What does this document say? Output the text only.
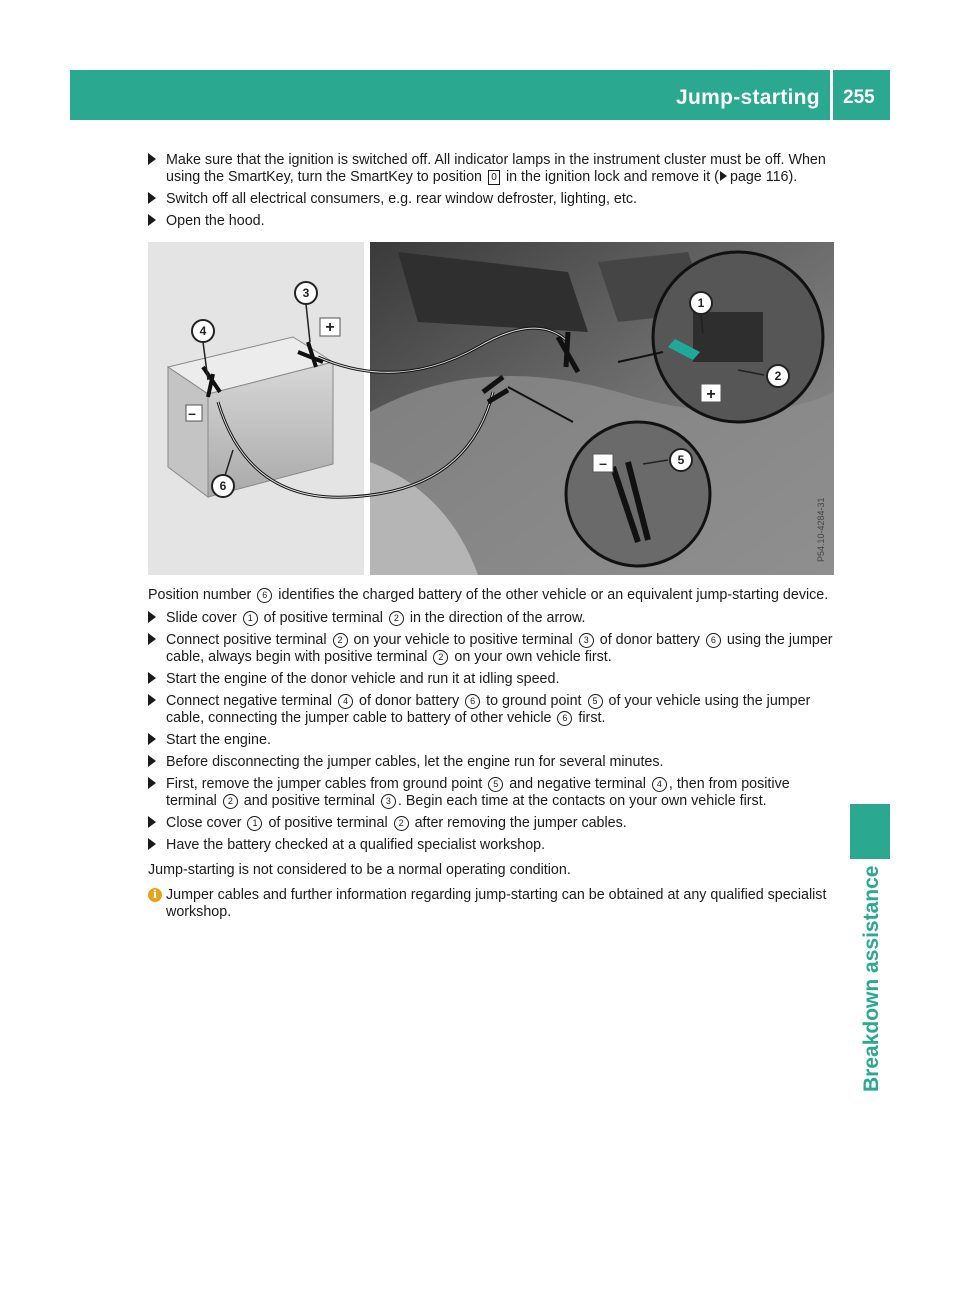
Jump-starting 255
Breakdown assistance
Make sure that the ignition is switched off. All indicator lamps in the instrument cluster must be off. When using the SmartKey, turn the SmartKey to position 0 in the ignition lock and remove it ( page 116).
Switch off all electrical consumers, e.g. rear window defroster, lighting, etc.
Open the hood.
–
+
+
–
P54.10-4284-31
1
2
3
4
5
6

Position number 6 identifies the charged battery of the other vehicle or an equivalent jump-starting device.

Slide cover 1 of positive terminal 2 in the direction of the arrow.
Connect positive terminal 2 on your vehicle to positive terminal 3 of donor battery 6 using the jumper cable, always begin with positive terminal 2 on your own vehicle first.
Start the engine of the donor vehicle and run it at idling speed.
Connect negative terminal 4 of donor battery 6 to ground point 5 of your vehicle using the jumper cable, connecting the jumper cable to battery of other vehicle 6 first.
Start the engine.
Before disconnecting the jumper cables, let the engine run for several minutes.
First, remove the jumper cables from ground point 5 and negative terminal 4 , then from positive terminal 2 and positive terminal 3 . Begin each time at the contacts on your own vehicle first.
Close cover 1 of positive terminal 2 after removing the jumper cables.
Have the battery checked at a qualified specialist workshop.

Jump-starting is not considered to be a normal operating condition.

i Jumper cables and further information regarding jump-starting can be obtained at any qualified specialist workshop.
